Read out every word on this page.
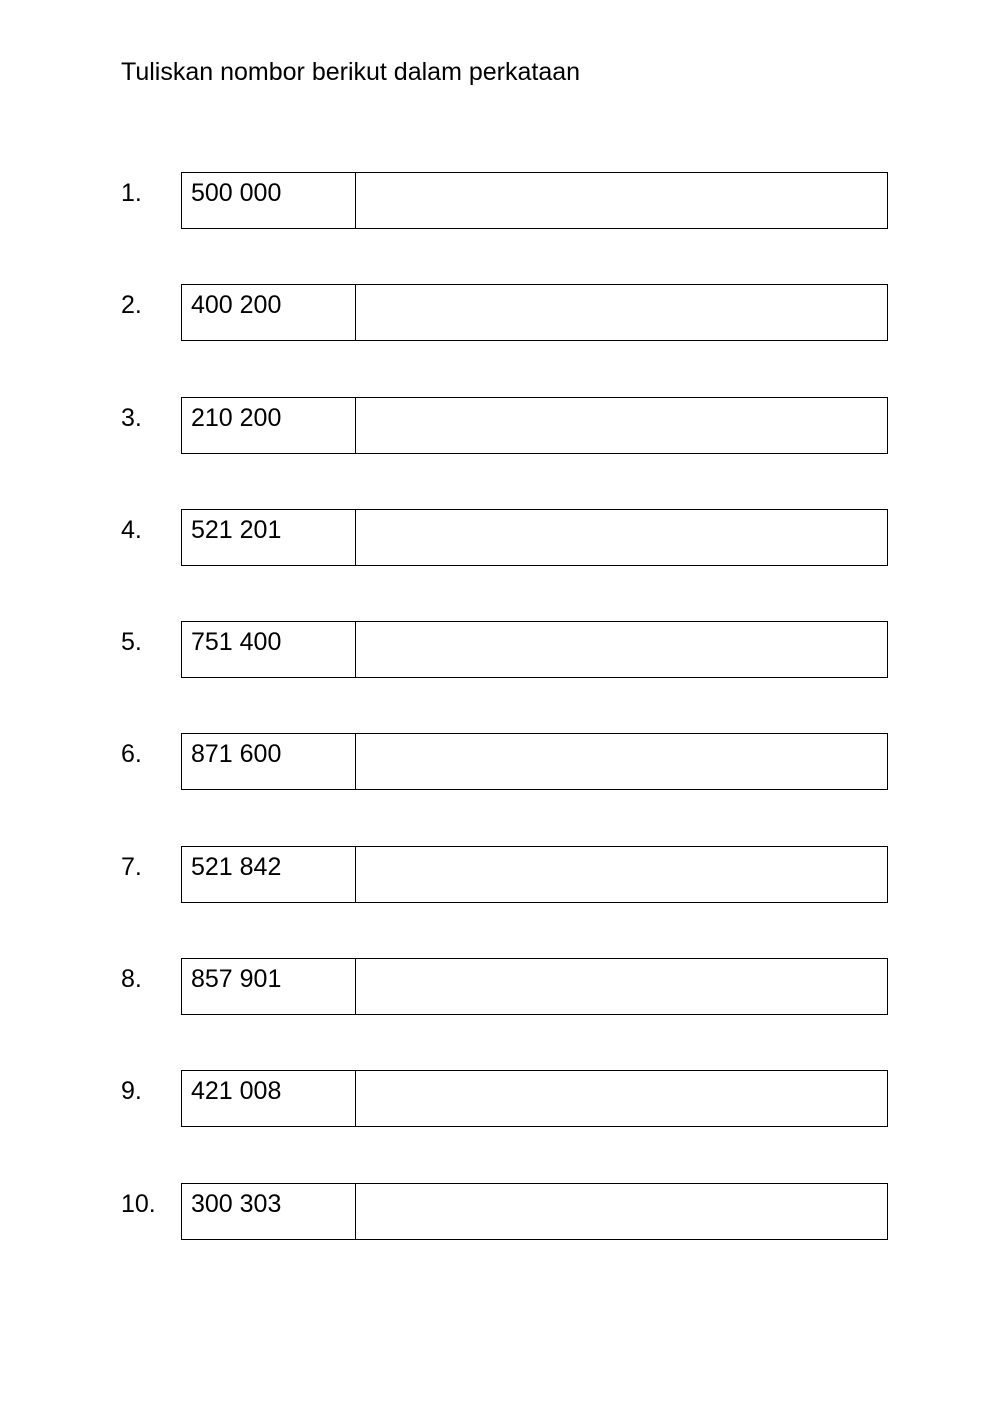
Tuliskan nombor berikut dalam perkataan
1.	500 000
2.	400 200
3.	210 200
4.	521 201
5.	751 400
6.	871 600
7.	521 842
8.	857 901
9.	421 008
10.	300 303
